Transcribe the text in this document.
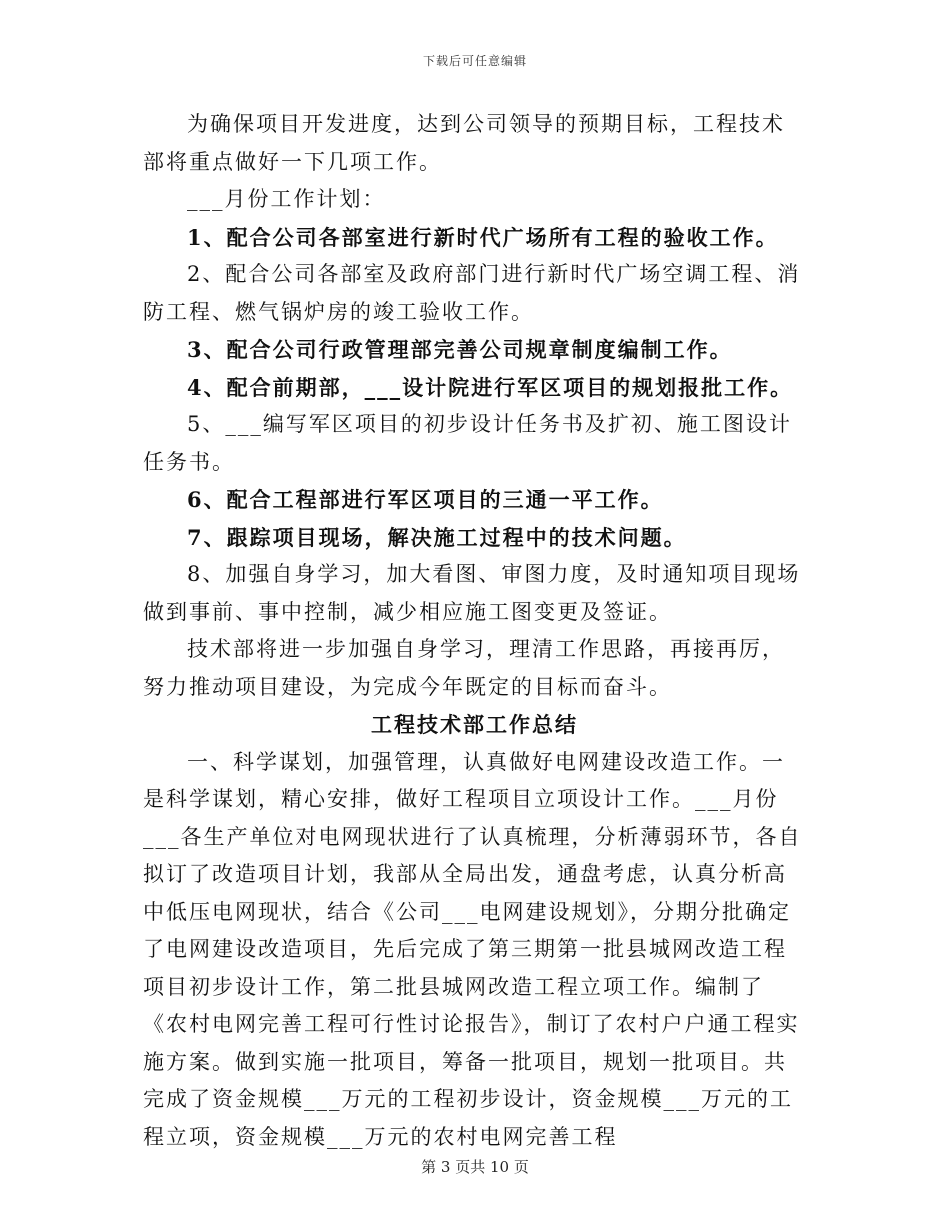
下载后可任意编辑

为确保项目开发进度，达到公司领导的预期目标，工程技术部将重点做好一下几项工作。

___月份工作计划：

1、配合公司各部室进行新时代广场所有工程的验收工作。

2、配合公司各部室及政府部门进行新时代广场空调工程、消防工程、燃气锅炉房的竣工验收工作。

3、配合公司行政管理部完善公司规章制度编制工作。

4、配合前期部，___设计院进行军区项目的规划报批工作。

5、___编写军区项目的初步设计任务书及扩初、施工图设计任务书。

6、配合工程部进行军区项目的三通一平工作。

7、跟踪项目现场，解决施工过程中的技术问题。

8、加强自身学习，加大看图、审图力度，及时通知项目现场做到事前、事中控制，减少相应施工图变更及签证。

技术部将进一步加强自身学习，理清工作思路，再接再厉，努力推动项目建设，为完成今年既定的目标而奋斗。

工程技术部工作总结

一、科学谋划，加强管理，认真做好电网建设改造工作。一是科学谋划，精心安排，做好工程项目立项设计工作。___月份___各生产单位对电网现状进行了认真梳理，分析薄弱环节，各自拟订了改造项目计划，我部从全局出发，通盘考虑，认真分析高中低压电网现状，结合《公司___电网建设规划》，分期分批确定了电网建设改造项目，先后完成了第三期第一批县城网改造工程项目初步设计工作，第二批县城网改造工程立项工作。编制了《农村电网完善工程可行性讨论报告》，制订了农村户户通工程实施方案。做到实施一批项目，筹备一批项目，规划一批项目。共完成了资金规模___万元的工程初步设计，资金规模___万元的工程立项，资金规模___万元的农村电网完善工程

第 3 页共 10 页
